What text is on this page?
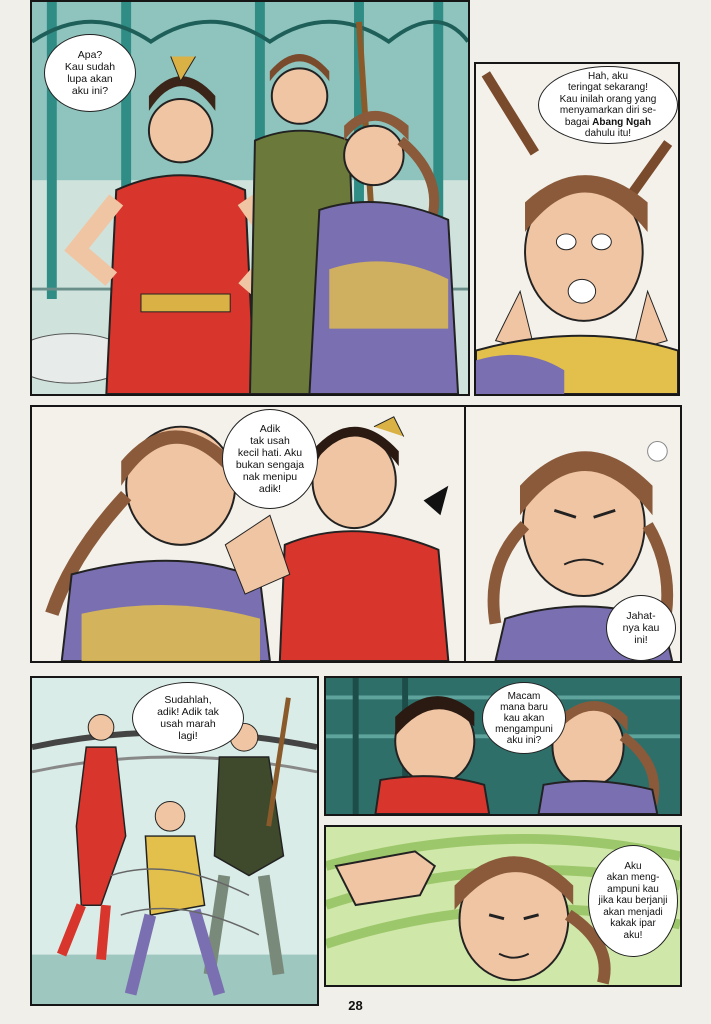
Apa?
Kau sudah
lupa akan
aku ini?
Hah, aku
teringat sekarang!
Kau inilah orang yang
menyamarkan diri se-
bagai Abang Ngah
dahulu itu!
Adik
tak usah
kecil hati. Aku
bukan sengaja
nak menipu
adik!
Jahat-
nya kau
ini!
Sudahlah,
adik! Adik tak
usah marah
lagi!
Macam
mana baru
kau akan
mengampuni
aku ini?
Aku
akan meng-
ampuni kau
jika kau berjanji
akan menjadi
kakak ipar
aku!
28
